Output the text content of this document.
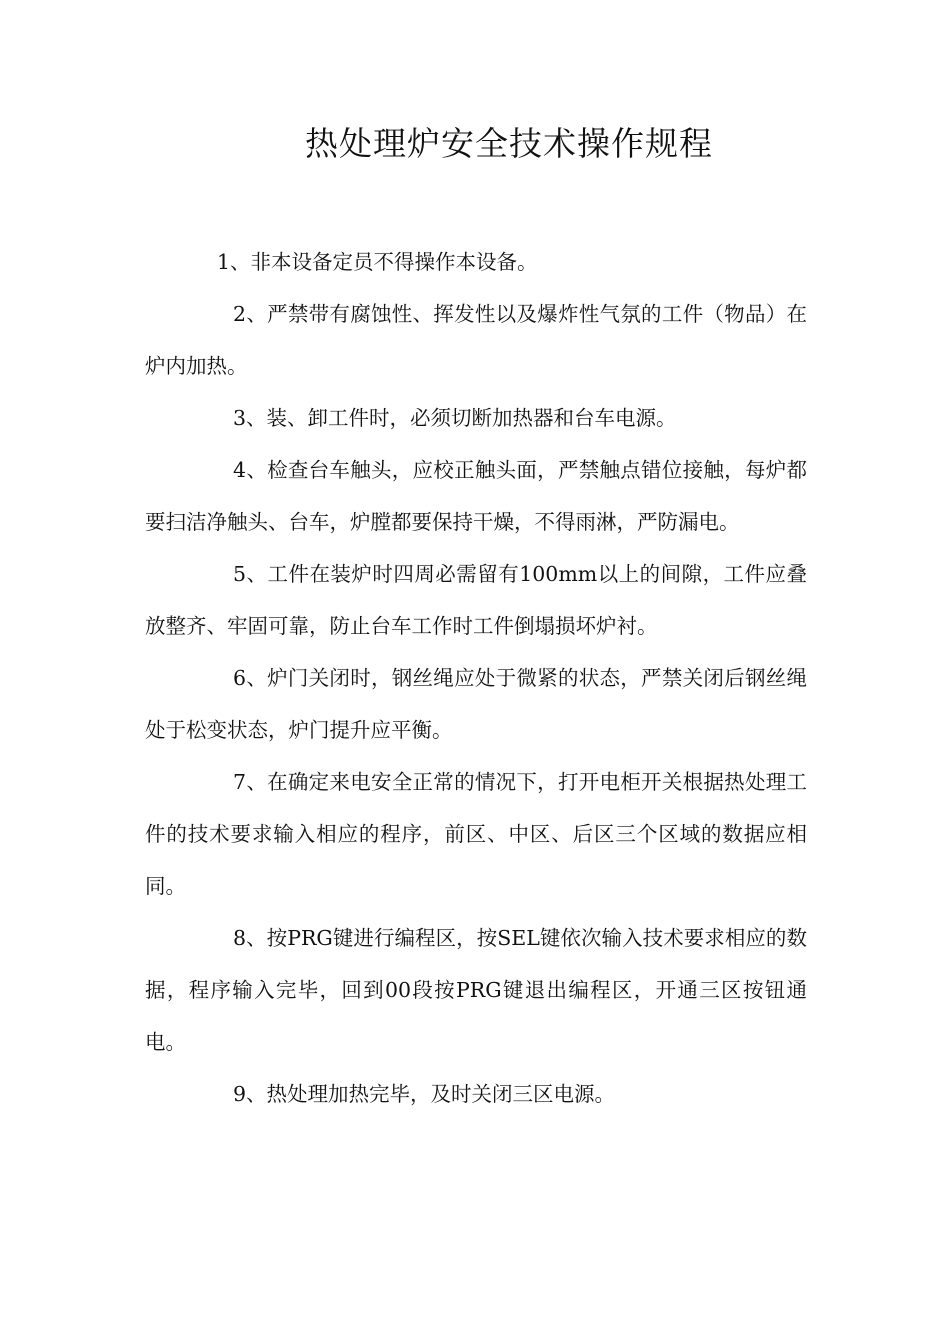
热处理炉安全技术操作规程

1、非本设备定员不得操作本设备。

2、严禁带有腐蚀性、挥发性以及爆炸性气氛的工件（物品）在炉内加热。

3、装、卸工件时，必须切断加热器和台车电源。

4、检查台车触头，应校正触头面，严禁触点错位接触，每炉都要扫洁净触头、台车，炉膛都要保持干燥，不得雨淋，严防漏电。

5、工件在装炉时四周必需留有100mm以上的间隙，工件应叠放整齐、牢固可靠，防止台车工作时工件倒塌损坏炉衬。

6、炉门关闭时，钢丝绳应处于微紧的状态，严禁关闭后钢丝绳处于松变状态，炉门提升应平衡。

7、在确定来电安全正常的情况下，打开电柜开关根据热处理工件的技术要求输入相应的程序，前区、中区、后区三个区域的数据应相同。

8、按PRG键进行编程区，按SEL键依次输入技术要求相应的数据，程序输入完毕，回到00段按PRG键退出编程区，开通三区按钮通电。

9、热处理加热完毕，及时关闭三区电源。
